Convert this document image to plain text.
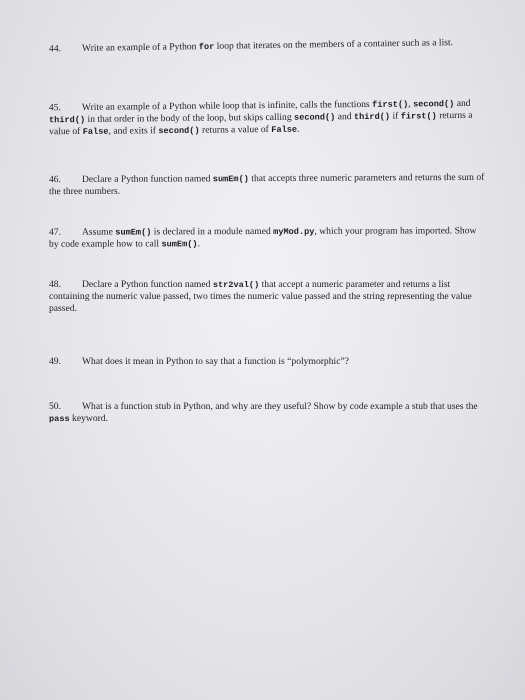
44. Write an example of a Python for loop that iterates on the members of a container such as a list.
45. Write an example of a Python while loop that is infinite, calls the functions first(), second() and third() in that order in the body of the loop, but skips calling second() and third() if first() returns a value of False, and exits if second() returns a value of False.
46. Declare a Python function named sumEm() that accepts three numeric parameters and returns the sum of the three numbers.
47. Assume sumEm() is declared in a module named myMod.py, which your program has imported. Show by code example how to call sumEm().
48. Declare a Python function named str2val() that accept a numeric parameter and returns a list containing the numeric value passed, two times the numeric value passed and the string representing the value passed.
49. What does it mean in Python to say that a function is “polymorphic”?
50. What is a function stub in Python, and why are they useful? Show by code example a stub that uses the pass keyword.
